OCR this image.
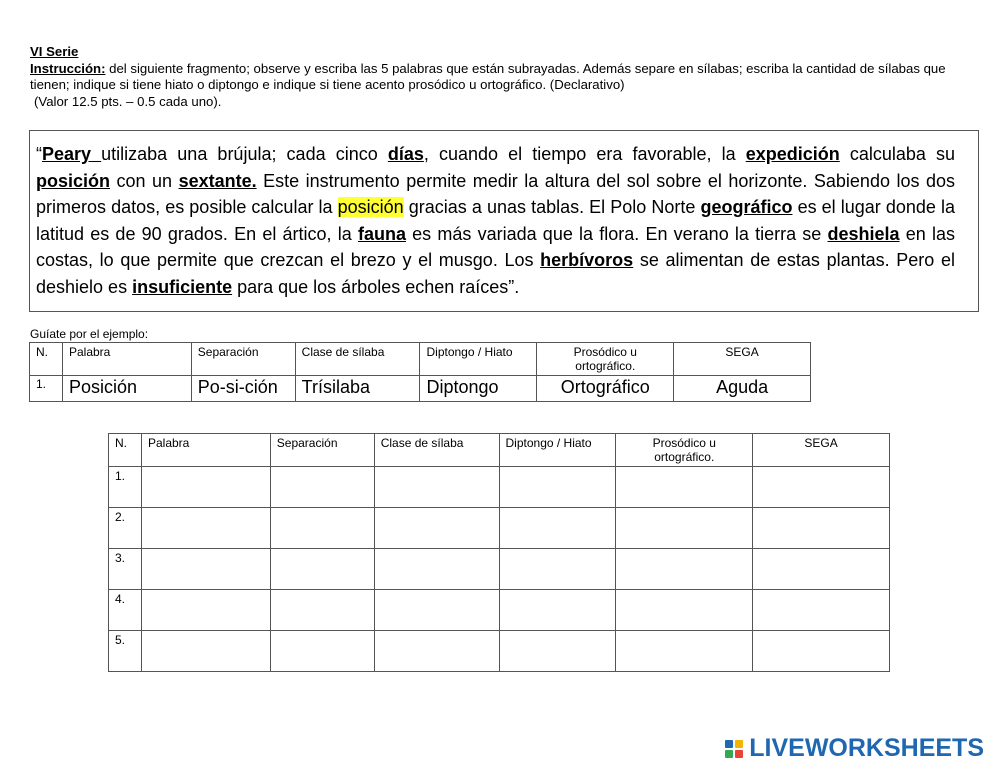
VI Serie
Instrucción: del siguiente fragmento; observe y escriba las 5 palabras que están subrayadas. Además separe en sílabas; escriba la cantidad de sílabas que tienen; indique si tiene hiato o diptongo e indique si tiene acento prosódico u ortográfico. (Declarativo)
(Valor 12.5 pts. – 0.5 cada uno).
“Peary utilizaba una brújula; cada cinco días, cuando el tiempo era favorable, la expedición calculaba su posición con un sextante. Este instrumento permite medir la altura del sol sobre el horizonte. Sabiendo los dos primeros datos, es posible calcular la posición gracias a unas tablas. El Polo Norte geográfico es el lugar donde la latitud es de 90 grados. En el ártico, la fauna es más variada que la flora. En verano la tierra se deshiela en las costas, lo que permite que crezcan el brezo y el musgo. Los herbívoros se alimentan de estas plantas. Pero el deshielo es insuficiente para que los árboles echen raíces”.
Guíate por el ejemplo:
N.	Palabra	Separación	Clase de sílaba	Diptongo / Hiato	Prosódico u ortográfico.	SEGA
1.	Posición	Po-si-ción	Trísilaba	Diptongo	Ortográfico	Aguda
N.	Palabra	Separación	Clase de sílaba	Diptongo / Hiato	Prosódico u ortográfico.	SEGA
1.						
2.						
3.						
4.						
5.						
LIVEWORKSHEETS
